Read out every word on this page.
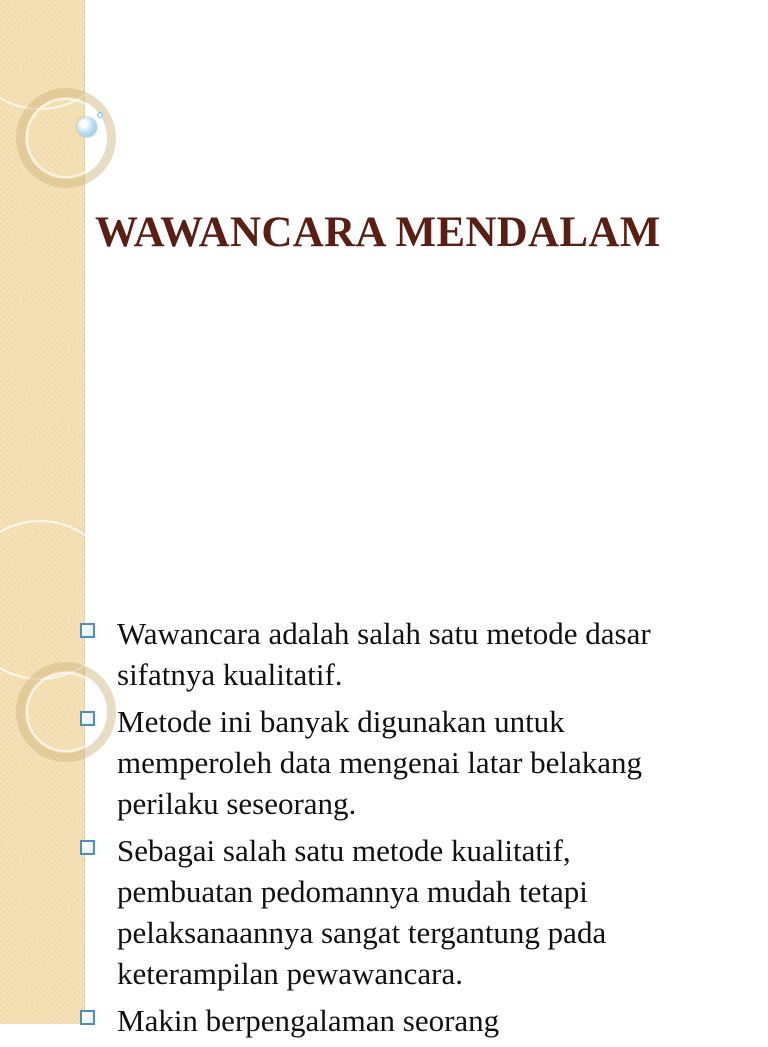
WAWANCARA MENDALAM
Wawancara adalah salah satu metode dasar
sifatnya kualitatif.
Metode ini banyak digunakan untuk
memperoleh data mengenai latar belakang
perilaku seseorang.
Sebagai salah satu metode kualitatif,
pembuatan pedomannya mudah tetapi
pelaksanaannya sangat tergantung pada
keterampilan pewawancara.
Makin berpengalaman seorang
